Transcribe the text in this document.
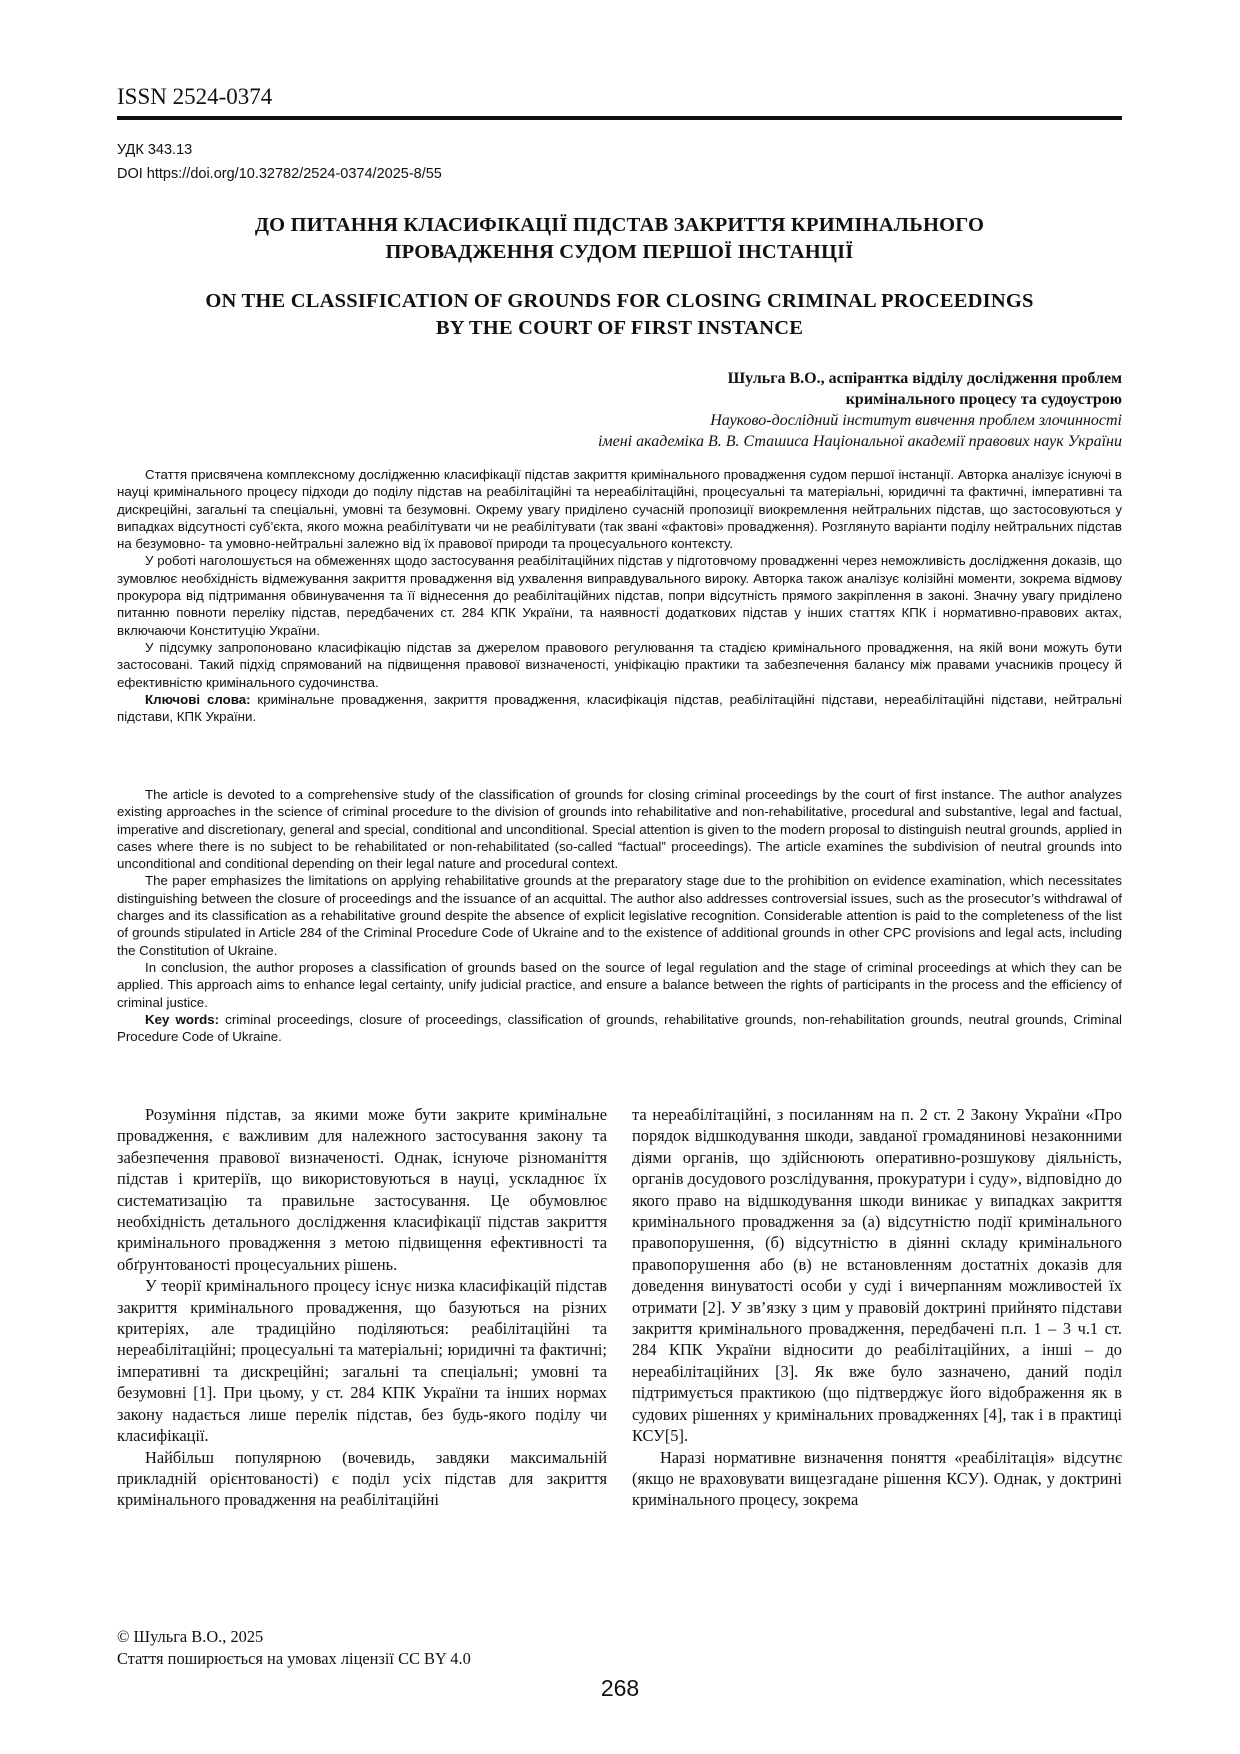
ISSN 2524-0374
УДК 343.13
DOI https://doi.org/10.32782/2524-0374/2025-8/55
ДО ПИТАННЯ КЛАСИФІКАЦІЇ ПІДСТАВ ЗАКРИТТЯ КРИМІНАЛЬНОГО
ПРОВАДЖЕННЯ СУДОМ ПЕРШОЇ ІНСТАНЦІЇ
ON THE CLASSIFICATION OF GROUNDS FOR CLOSING CRIMINAL PROCEEDINGS
BY THE COURT OF FIRST INSTANCE
Шульга В.О., аспірантка відділу дослідження проблем
кримінального процесу та судоустрою
Науково-дослідний інститут вивчення проблем злочинності
імені академіка В. В. Сташиса Національної академії правових наук України

Стаття присвячена комплексному дослідженню класифікації підстав закриття кримінального провадження судом першої інстанції. Авторка аналізує існуючі в науці кримінального процесу підходи до поділу підстав на реабілітаційні та нереабілітаційні, процесуальні та матеріальні, юридичні та фактичні, імперативні та дискреційні, загальні та спеціальні, умовні та безумовні. Окрему увагу приділено сучасній пропозиції виокремлення нейтральних підстав, що застосовуються у випадках відсутності суб’єкта, якого можна реабілітувати чи не реабілітувати (так звані «фактові» провадження). Розглянуто варіанти поділу нейтральних підстав на безумовно- та умовно-нейтральні залежно від їх правової природи та процесуального контексту.

У роботі наголошується на обмеженнях щодо застосування реабілітаційних підстав у підготовчому провадженні через неможливість дослідження доказів, що зумовлює необхідність відмежування закриття провадження від ухвалення виправдувального вироку. Авторка також аналізує колізійні моменти, зокрема відмову прокурора від підтримання обвинувачення та її віднесення до реабілітаційних підстав, попри відсутність прямого закріплення в законі. Значну увагу приділено питанню повноти переліку підстав, передбачених ст. 284 КПК України, та наявності додаткових підстав у інших статтях КПК і нормативно-правових актах, включаючи Конституцію України.

У підсумку запропоновано класифікацію підстав за джерелом правового регулювання та стадією кримінального провадження, на якій вони можуть бути застосовані. Такий підхід спрямований на підвищення правової визначеності, уніфікацію практики та забезпечення балансу між правами учасників процесу й ефективністю кримінального судочинства.

Ключові слова: кримінальне провадження, закриття провадження, класифікація підстав, реабілітаційні підстави, нереабілітаційні підстави, нейтральні підстави, КПК України.

The article is devoted to a comprehensive study of the classification of grounds for closing criminal proceedings by the court of first instance. The author analyzes existing approaches in the science of criminal procedure to the division of grounds into rehabilitative and non-rehabilitative, procedural and substantive, legal and factual, imperative and discretionary, general and special, conditional and unconditional. Special attention is given to the modern proposal to distinguish neutral grounds, applied in cases where there is no subject to be rehabilitated or non-rehabilitated (so-called “factual” proceedings). The article examines the subdivision of neutral grounds into unconditional and conditional depending on their legal nature and procedural context.

The paper emphasizes the limitations on applying rehabilitative grounds at the preparatory stage due to the prohibition on evidence examination, which necessitates distinguishing between the closure of proceedings and the issuance of an acquittal. The author also addresses controversial issues, such as the prosecutor’s withdrawal of charges and its classification as a rehabilitative ground despite the absence of explicit legislative recognition. Considerable attention is paid to the completeness of the list of grounds stipulated in Article 284 of the Criminal Procedure Code of Ukraine and to the existence of additional grounds in other CPC provisions and legal acts, including the Constitution of Ukraine.

In conclusion, the author proposes a classification of grounds based on the source of legal regulation and the stage of criminal proceedings at which they can be applied. This approach aims to enhance legal certainty, unify judicial practice, and ensure a balance between the rights of participants in the process and the efficiency of criminal justice.

Key words: criminal proceedings, closure of proceedings, classification of grounds, rehabilitative grounds, non-rehabilitation grounds, neutral grounds, Criminal Procedure Code of Ukraine.

Розуміння підстав, за якими може бути закрите кримінальне провадження, є важливим для належного застосування закону та забезпечення правової визначеності. Однак, існуюче різноманіття підстав і критеріїв, що використовуються в науці, ускладнює їх систематизацію та правильне застосування. Це обумовлює необхідність детального дослідження класифікації підстав закриття кримінального провадження з метою підвищення ефективності та обґрунтованості процесуальних рішень.

У теорії кримінального процесу існує низка класифікацій підстав закриття кримінального провадження, що базуються на різних критеріях, але традиційно поділяються: реабілітаційні та нереабілітаційні; процесуальні та матеріальні; юридичні та фактичні; імперативні та дискреційні; загальні та спеціальні; умовні та безумовні [1]. При цьому, у ст. 284 КПК України та інших нормах закону надається лише перелік підстав, без будь-якого поділу чи класифікації.

Найбільш популярною (вочевидь, завдяки максимальній прикладній орієнтованості) є поділ усіх підстав для закриття кримінального провадження на реабілітаційні

та нереабілітаційні, з посиланням на п. 2 ст. 2 Закону України «Про порядок відшкодування шкоди, завданої громадянинові незаконними діями органів, що здійснюють оперативно-розшукову діяльність, органів досудового розслідування, прокуратури і суду», відповідно до якого право на відшкодування шкоди виникає у випадках закриття кримінального провадження за (а) відсутністю події кримінального правопорушення, (б) відсутністю в діянні складу кримінального правопорушення або (в) не встановленням достатніх доказів для доведення винуватості особи у суді і вичерпанням можливостей їх отримати [2]. У зв’язку з цим у правовій доктрині прийнято підстави закриття кримінального провадження, передбачені п.п. 1 – 3 ч.1 ст. 284 КПК України відносити до реабілітаційних, а інші – до нереабілітаційних [3]. Як вже було зазначено, даний поділ підтримується практикою (що підтверджує його відображення як в судових рішеннях у кримінальних провадженнях [4], так і в практиці КСУ[5].

Наразі нормативне визначення поняття «реабілітація» відсутнє (якщо не враховувати вищезгадане рішення КСУ). Однак, у доктрині кримінального процесу, зокрема

© Шульга В.О., 2025
Стаття поширюється на умовах ліцензії CC BY 4.0
268
